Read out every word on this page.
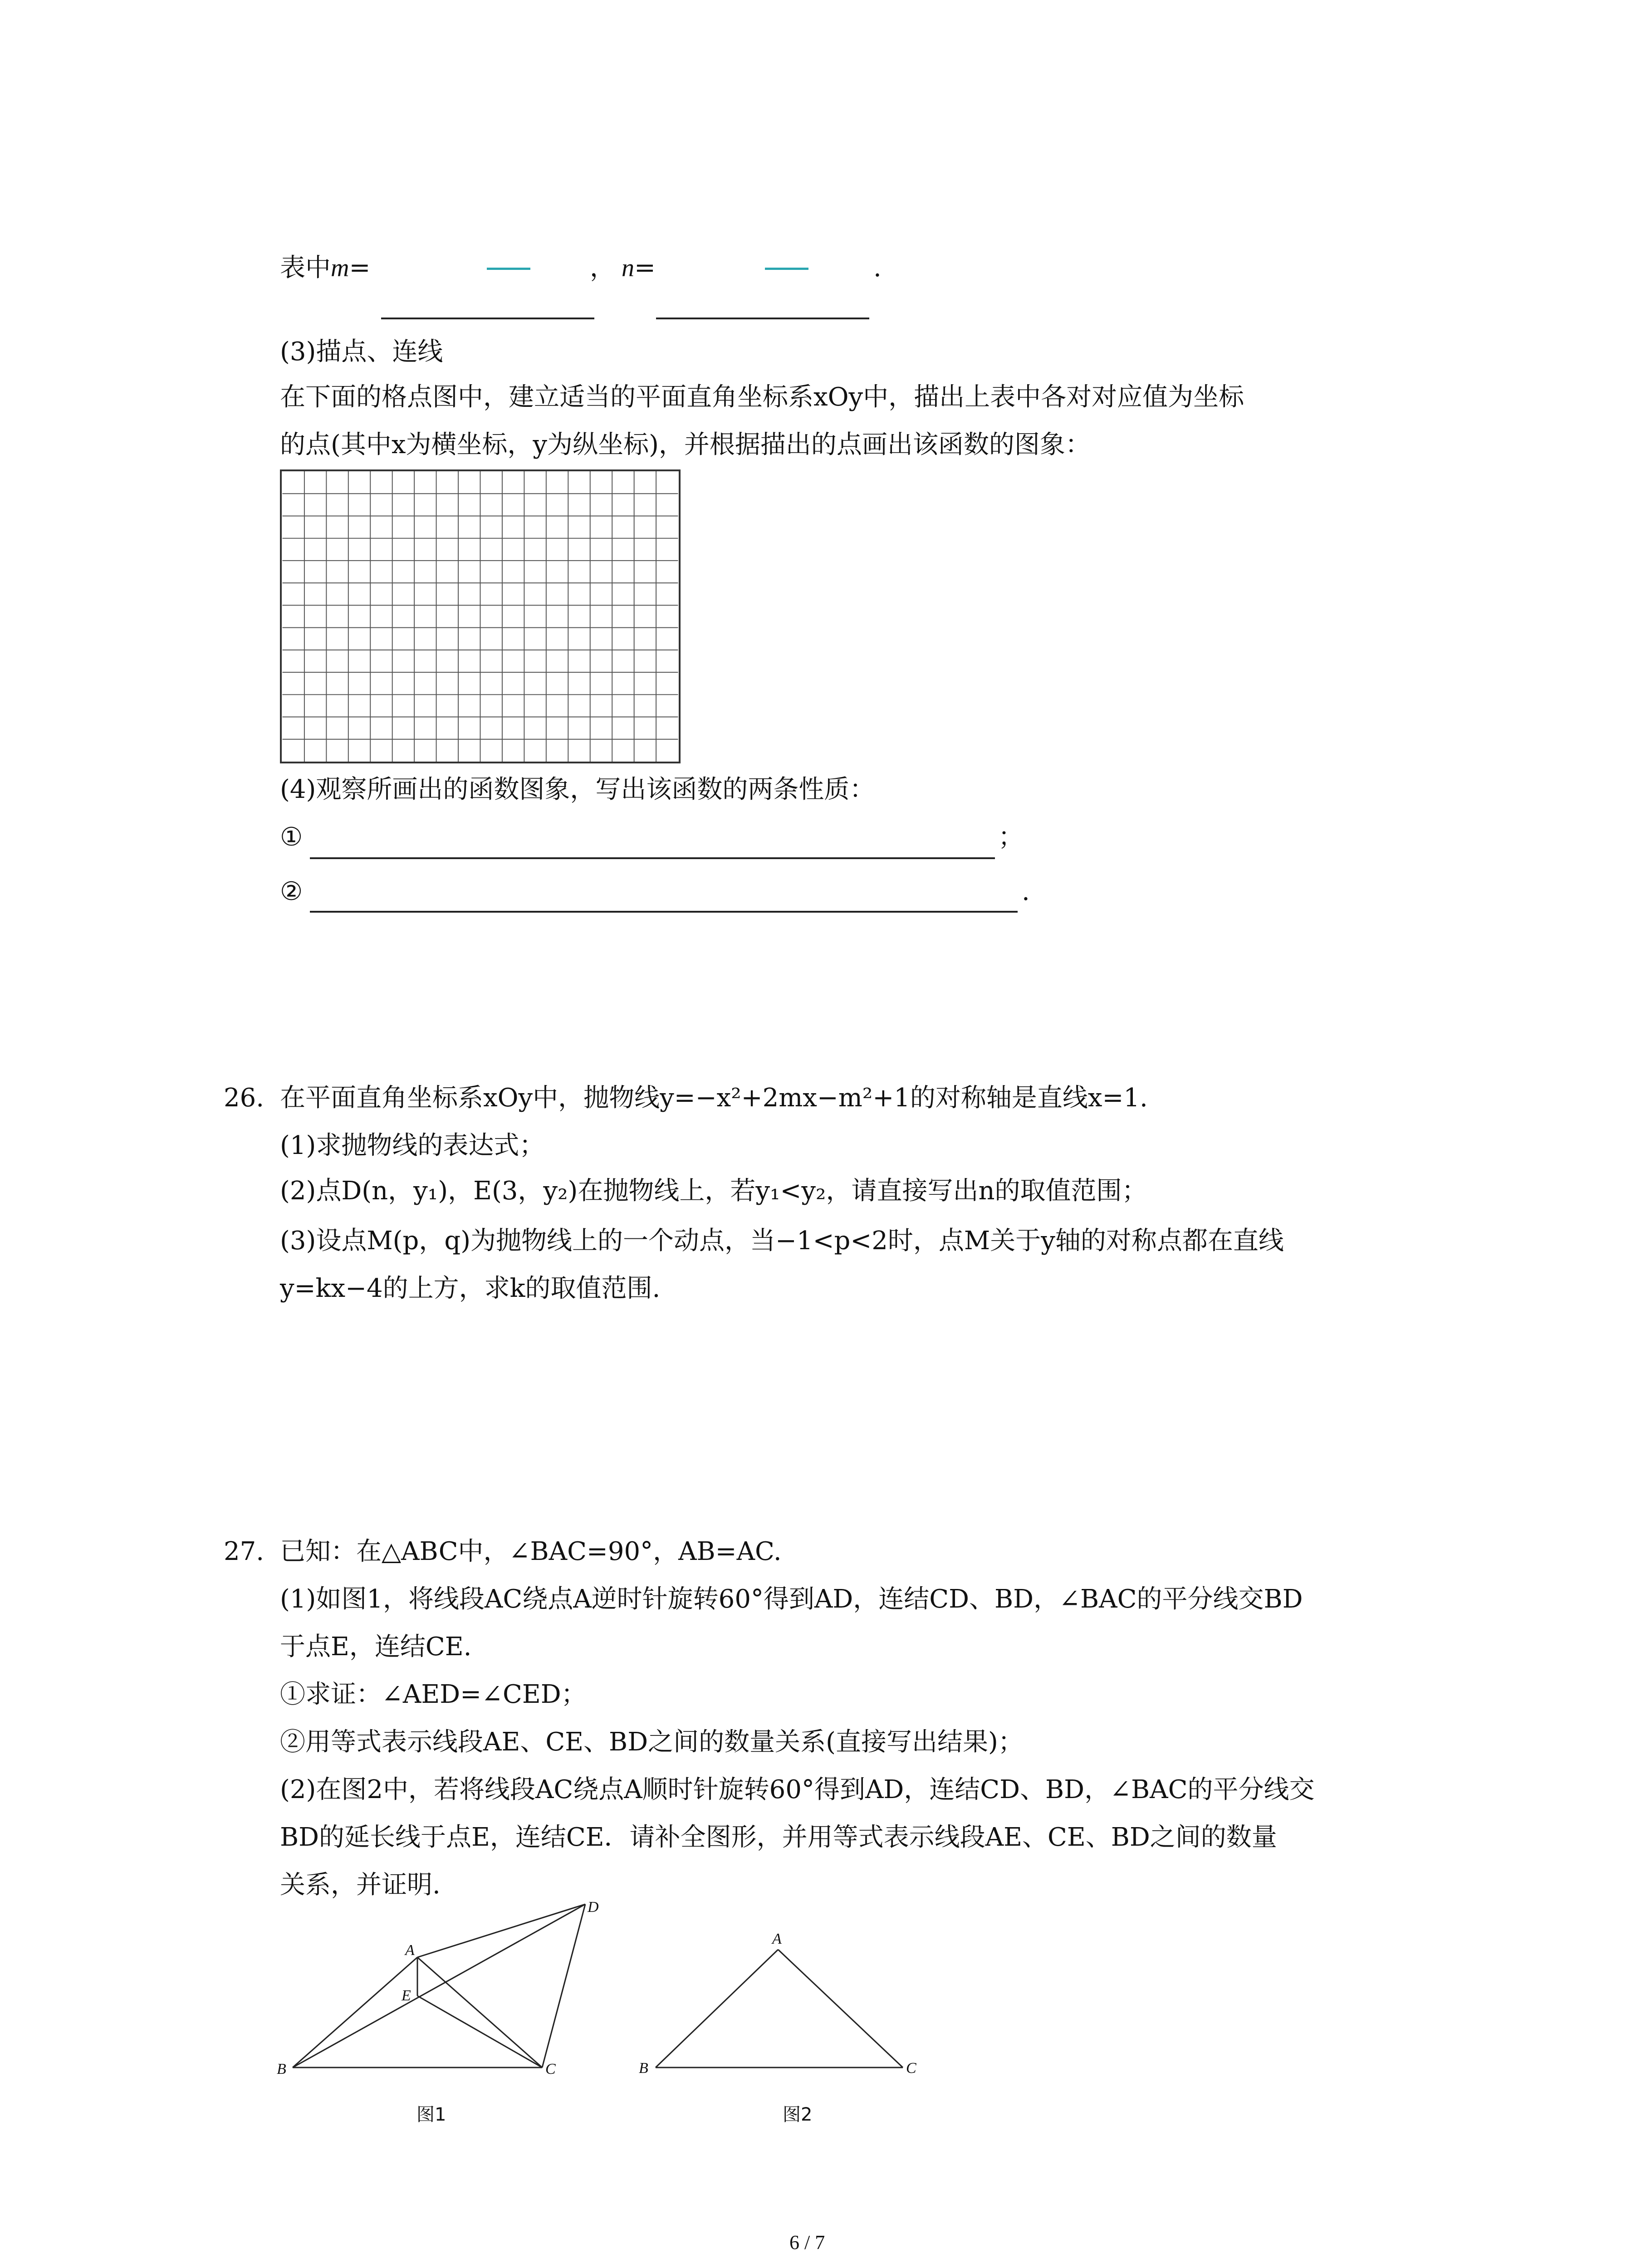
表中m=	， n=	.
(3)描点、连线
在下面的格点图中，建立适当的平面直角坐标系xOy中，描出上表中各对对应值为坐标
的点(其中x为横坐标，y为纵坐标)，并根据描出的点画出该函数的图象：
(4)观察所画出的函数图象，写出该函数的两条性质：
①	；
②	.
26. 在平面直角坐标系xOy中，抛物线y=−x²+2mx−m²+1的对称轴是直线x=1.
(1)求抛物线的表达式；
(2)点D(n，y₁)，E(3，y₂)在抛物线上，若y₁<y₂，请直接写出n的取值范围；
(3)设点M(p，q)为抛物线上的一个动点，当−1<p<2时，点M关于y轴的对称点都在直线
y=kx−4的上方，求k的取值范围.
27. 已知：在△ABC中，∠BAC=90°，AB=AC.
(1)如图1，将线段AC绕点A逆时针旋转60°得到AD，连结CD、BD，∠BAC的平分线交BD
于点E，连结CE.
①求证：∠AED=∠CED；
②用等式表示线段AE、CE、BD之间的数量关系(直接写出结果)；
(2)在图2中，若将线段AC绕点A顺时针旋转60°得到AD，连结CD、BD，∠BAC的平分线交
BD的延长线于点E，连结CE．请补全图形，并用等式表示线段AE、CE、BD之间的数量
关系，并证明.
A
D
E
B	C
图1
A
B	C
图2
6 / 7
